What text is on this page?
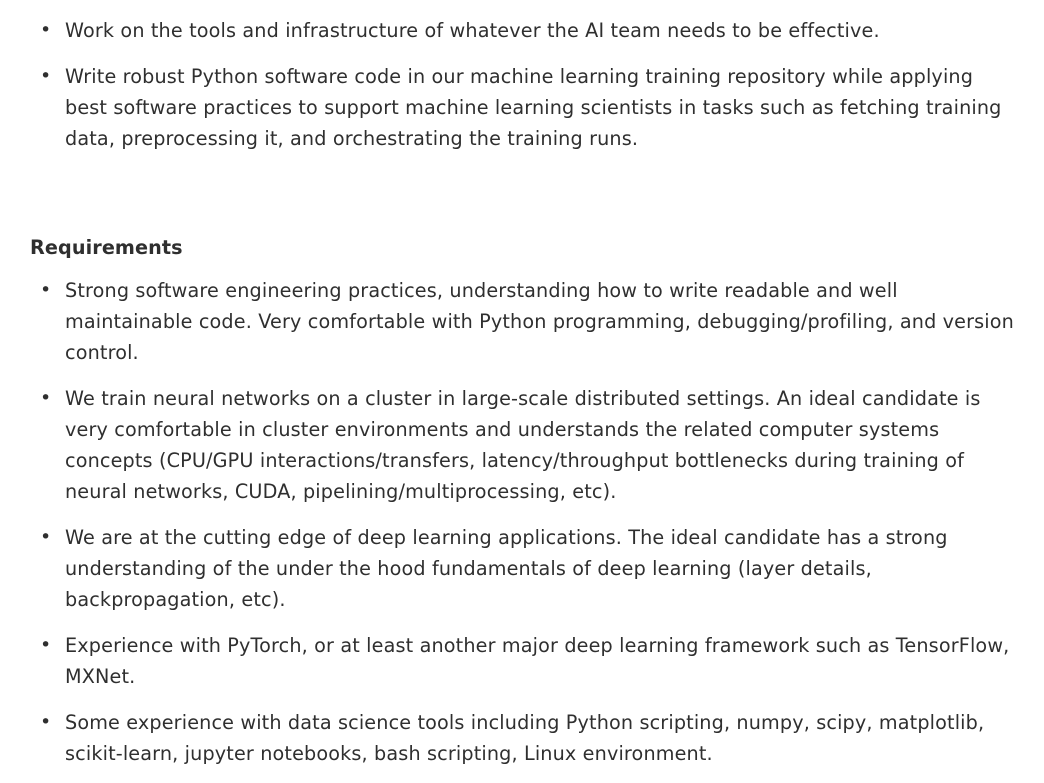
• Work on the tools and infrastructure of whatever the AI team needs to be effective.
• Write robust Python software code in our machine learning training repository while applying best software practices to support machine learning scientists in tasks such as fetching training data, preprocessing it, and orchestrating the training runs.
Requirements
• Strong software engineering practices, understanding how to write readable and well maintainable code. Very comfortable with Python programming, debugging/profiling, and version control.
• We train neural networks on a cluster in large-scale distributed settings. An ideal candidate is very comfortable in cluster environments and understands the related computer systems concepts (CPU/GPU interactions/transfers, latency/throughput bottlenecks during training of neural networks, CUDA, pipelining/multiprocessing, etc).
• We are at the cutting edge of deep learning applications. The ideal candidate has a strong understanding of the under the hood fundamentals of deep learning (layer details, backpropagation, etc).
• Experience with PyTorch, or at least another major deep learning framework such as TensorFlow, MXNet.
• Some experience with data science tools including Python scripting, numpy, scipy, matplotlib, scikit-learn, jupyter notebooks, bash scripting, Linux environment.
